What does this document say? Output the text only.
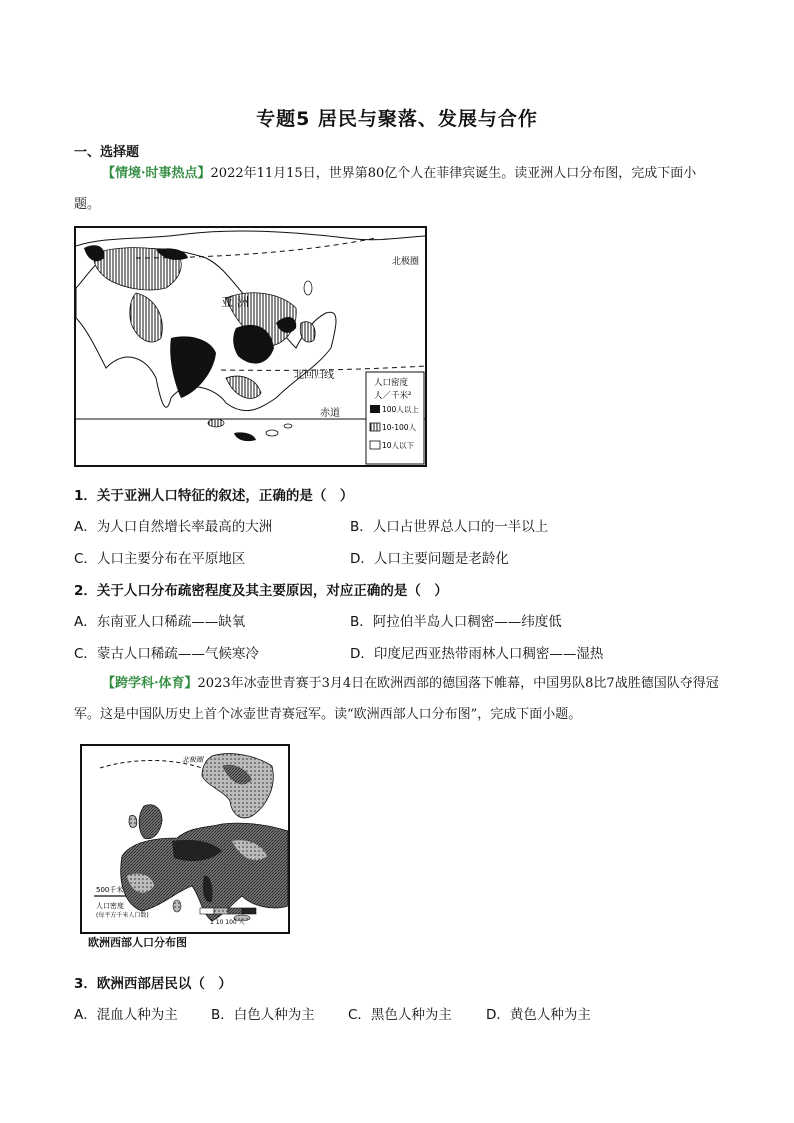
专题5 居民与聚落、发展与合作
一、选择题
【情境·时事热点】2022年11月15日，世界第80亿个人在菲律宾诞生。读亚洲人口分布图，完成下面小题。
北极圈
亚 洲
北回归线
赤道
人口密度
人／千米²
100人以上
10-100人
10人以下
1．关于亚洲人口特征的叙述，正确的是（　）
A．为人口自然增长率最高的大洲	B．人口占世界总人口的一半以上
C．人口主要分布在平原地区	D．人口主要问题是老龄化
2．关于人口分布疏密程度及其主要原因，对应正确的是（　）
A．东南亚人口稀疏——缺氧	B．阿拉伯半岛人口稠密——纬度低
C．蒙古人口稀疏——气候寒冷	D．印度尼西亚热带雨林人口稠密——湿热
【跨学科·体育】2023年冰壶世青赛于3月4日在欧洲西部的德国落下帷幕，中国男队8比7战胜德国队夺得冠军。这是中国队历史上首个冰壶世青赛冠军。读“欧洲西部人口分布图”，完成下面小题。
北极圈
500千米
人口密度
(每平方千米人口数)
1 10 100 人
欧洲西部人口分布图
3．欧洲西部居民以（　）
A．混血人种为主 B．白色人种为主 C．黑色人种为主	D．黄色人种为主
